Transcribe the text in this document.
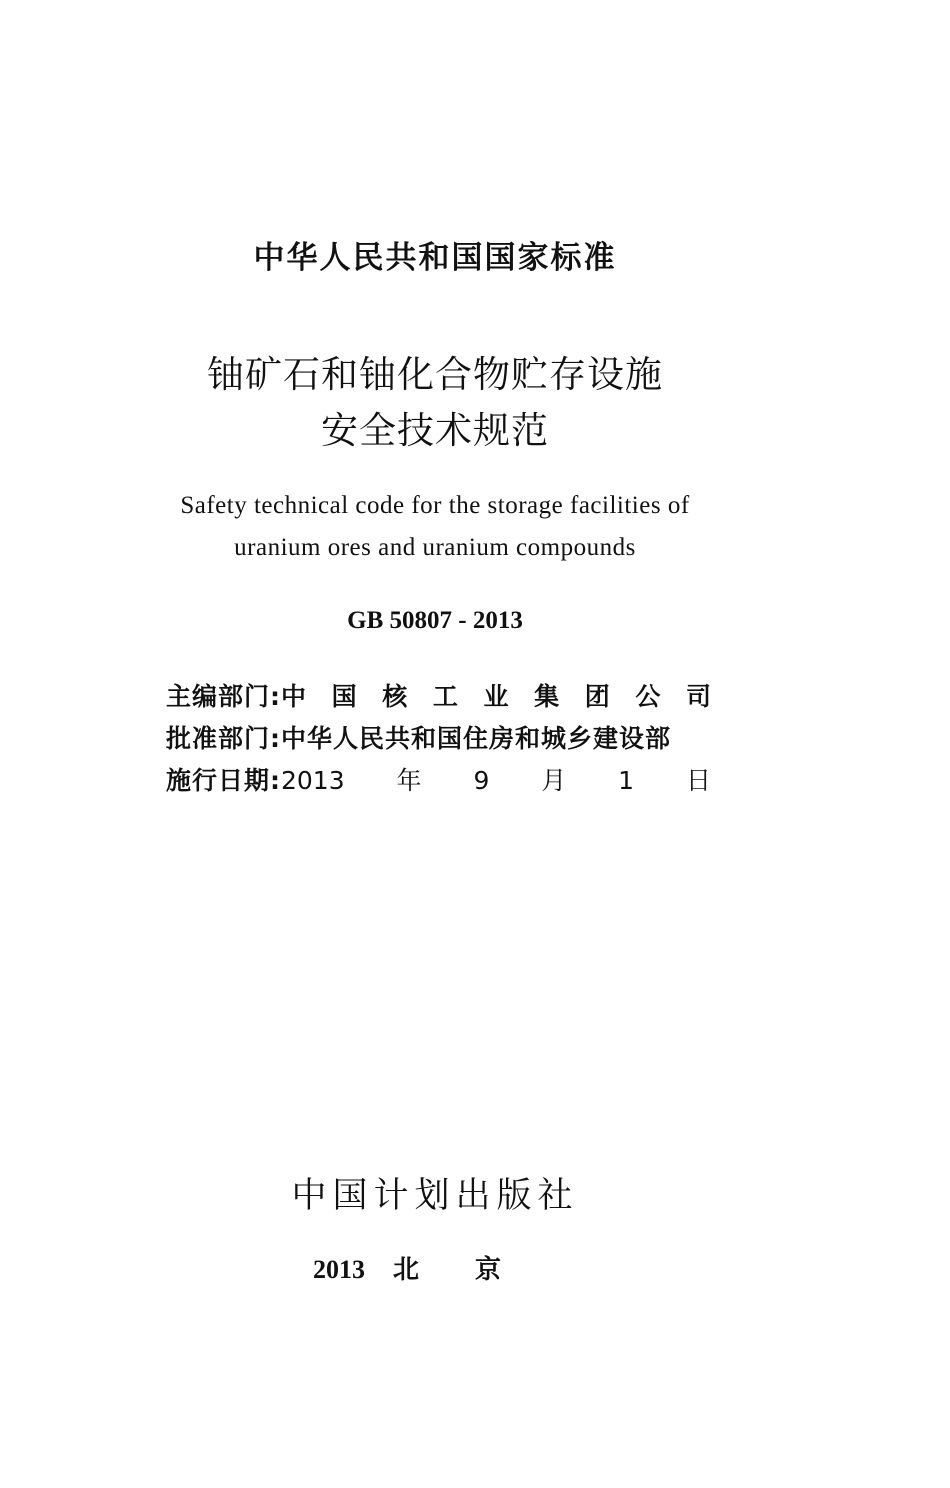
中华人民共和国国家标准
铀矿石和铀化合物贮存设施
安全技术规范
Safety technical code for the storage facilities of
uranium ores and uranium compounds
GB 50807 - 2013
主编部门: 中国核工业集团公司
批准部门: 中华人民共和国住房和城乡建设部
施行日期: 2013年9月1日
中国计划出版社
2013 北京
